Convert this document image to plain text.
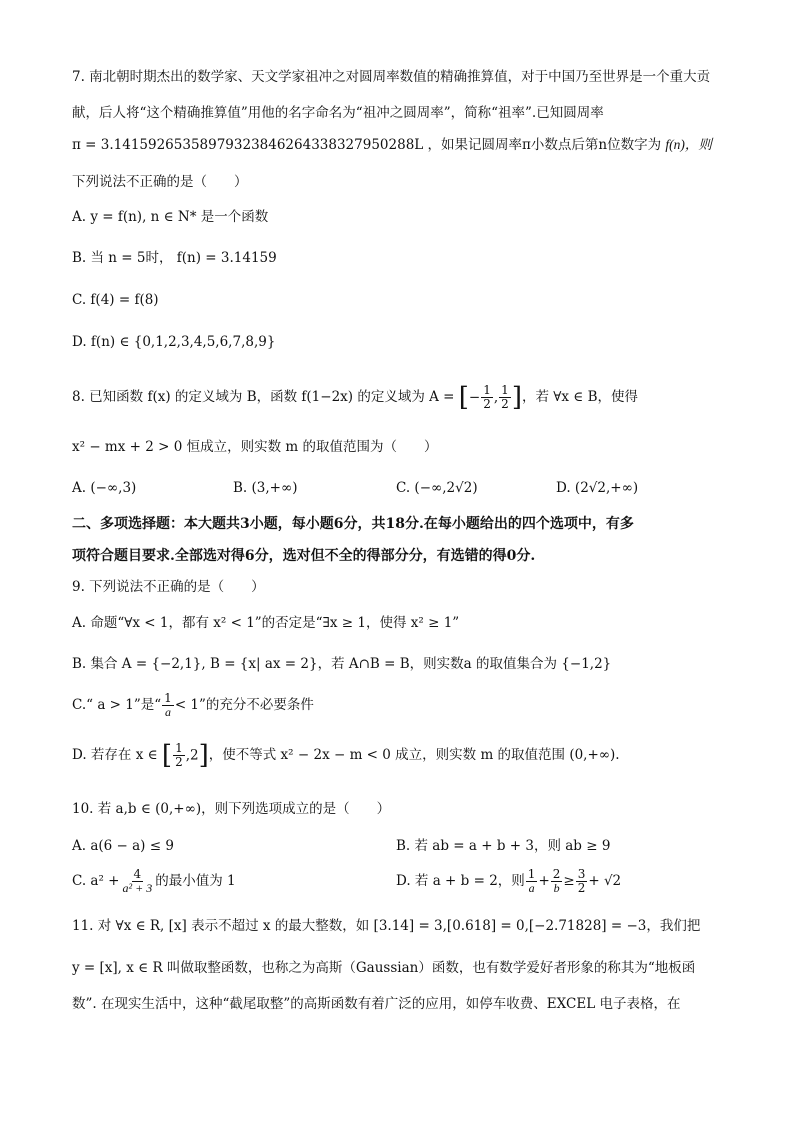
7. 南北朝时期杰出的数学家、天文学家祖冲之对圆周率数值的精确推算值，对于中国乃至世界是一个重大贡
献，后人将“这个精确推算值”用他的名字命名为“祖冲之圆周率”，简称“祖率”.已知圆周率
π = 3.14159265358979323846264338327950288L ，如果记圆周率π小数点后第n位数字为 f(n)，则
下列说法不正确的是（　　）
A. y = f(n), n ∈ N* 是一个函数
B. 当 n = 5时， f(n) = 3.14159
C. f(4) = f(8)
D. f(n) ∈ {0,1,2,3,4,5,6,7,8,9}
8. 已知函数 f(x) 的定义域为 B，函数 f(1−2x) 的定义域为 A = [− $\frac{1}{2}$ , $\frac{1}{2}$ ]，若 ∀x ∈ B，使得
x² − mx + 2 > 0 恒成立，则实数 m 的取值范围为（　　）
A. (−∞,3)	B. (3,+∞)	C. (−∞,2√2)	D. (2√2,+∞)
二、多项选择题：本大题共3小题，每小题6分，共18分.在每小题给出的四个选项中，有多
项符合题目要求.全部选对得6分，选对但不全的得部分分，有选错的得0分.
9. 下列说法不正确的是（　　）
A. 命题“∀x < 1，都有 x² < 1”的否定是“∃x ≥ 1，使得 x² ≥ 1”
B. 集合 A = {−2,1}, B = {x| ax = 2}，若 A∩B = B，则实数a 的取值集合为 {−1,2}
C.“ a > 1”是“ $\frac{1}{a} < 1$”的充分不必要条件
D. 若存在 x ∈ [ $\frac{1}{2} ,2$]，使不等式 x² − 2x − m < 0 成立，则实数 m 的取值范围 (0,+∞).
10. 若 a,b ∈ (0,+∞)，则下列选项成立的是（　　）
A. a(6 − a) ≤ 9	B. 若 ab = a + b + 3，则 ab ≥ 9
C. $a^2 + \frac{4}{\text{a² + 3}}$ 的最小值为 1	D. 若 a + b = 2，则 $\frac{1}{a} + \frac{2}{b} \ge \frac{3}{2} + √2$
11. 对 ∀x ∈ R, [x] 表示不超过 x 的最大整数，如 [3.14] = 3,[0.618] = 0,[−2.71828] = −3，我们把
y = [x], x ∈ R 叫做取整函数，也称之为高斯（Gaussian）函数，也有数学爱好者形象的称其为“地板函
数”. 在现实生活中，这种“截尾取整”的高斯函数有着广泛的应用，如停车收费、EXCEL 电子表格，在
